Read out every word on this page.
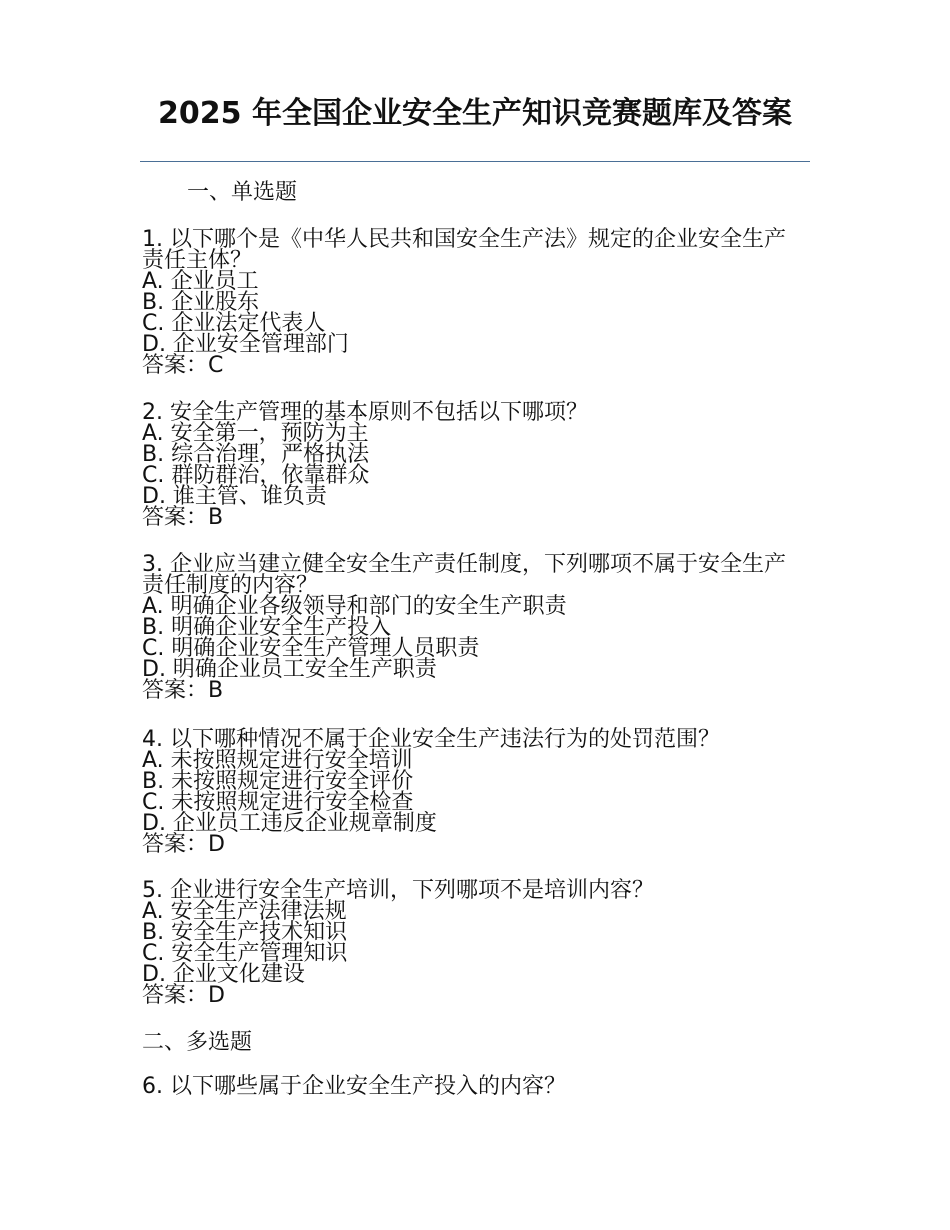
2025 年全国企业安全生产知识竞赛题库及答案
一、单选题
1. 以下哪个是《中华人民共和国安全生产法》规定的企业安全生产责任主体？
A. 企业员工
B. 企业股东
C. 企业法定代表人
D. 企业安全管理部门
答案：C
2. 安全生产管理的基本原则不包括以下哪项？
A. 安全第一，预防为主
B. 综合治理，严格执法
C. 群防群治，依靠群众
D. 谁主管、谁负责
答案：B
3. 企业应当建立健全安全生产责任制度，下列哪项不属于安全生产责任制度的内容？
A. 明确企业各级领导和部门的安全生产职责
B. 明确企业安全生产投入
C. 明确企业安全生产管理人员职责
D. 明确企业员工安全生产职责
答案：B
4. 以下哪种情况不属于企业安全生产违法行为的处罚范围？
A. 未按照规定进行安全培训
B. 未按照规定进行安全评价
C. 未按照规定进行安全检查
D. 企业员工违反企业规章制度
答案：D
5. 企业进行安全生产培训，下列哪项不是培训内容？
A. 安全生产法律法规
B. 安全生产技术知识
C. 安全生产管理知识
D. 企业文化建设
答案：D
二、多选题
6. 以下哪些属于企业安全生产投入的内容？
